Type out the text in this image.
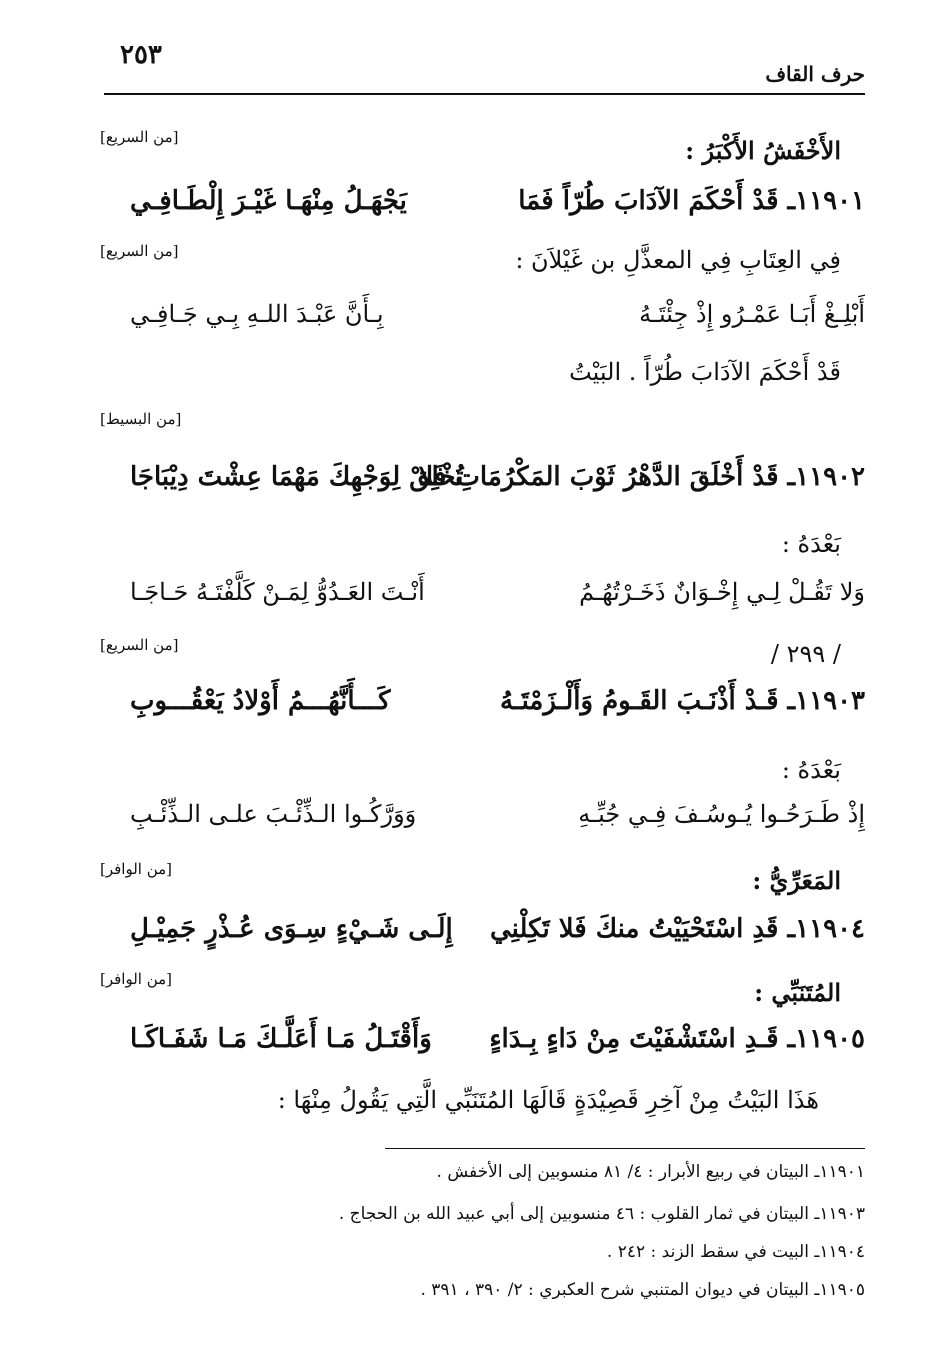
٢٥٣
حرف القاف
الأَخْفَشُ الأَكْبَرُ :
[من السريع]
١١٩٠١ـ قَدْ أَحْكَمَ الآدَابَ طُرّاً فَمَا
يَجْهَـلُ مِنْهَـا غَيْـرَ إِلْطَـافِـي
فِي العِتَابِ فِي المعذَّلِ بن غَيْلاَنَ :
[من السريع]
أَبْلِـغْ أَبَـا عَمْـرُو إِذْ جِئْتَـهُ
بِـأَنَّ عَبْـدَ اللـهِ بِـي جَـافِـي
قَدْ أَحْكَمَ الآدَابَ طُرّاً . البَيْتُ
[من البسيط]
١١٩٠٢ـ قَدْ أَخْلَقَ الدَّهْرُ ثَوْبَ المَكْرُمَاتِ فَلا
تُخْلِقْ لِوَجْهِكَ مَهْمَا عِشْتَ دِيْبَاجَا
بَعْدَهُ :
وَلا تَقُـلْ لِـي إِخْـوَانٌ ذَخَـرْتُهُـمُ
أَنْـتَ العَـدُوُّ لِمَـنْ كَلَّفْتَـهُ حَـاجَـا
/ ٢٩٩ /
[من السريع]
١١٩٠٣ـ قَـدْ أَذْنَـبَ القَـومُ وَأَلْـزَمْتَـهُ
كَـــأَنَّهُـــمُ أَوْلادُ يَعْقُـــوبِ
بَعْدَهُ :
إِذْ طَـرَحُـوا يُـوسُـفَ فِـي جُبِّـهِ
وَوَرَّكُـوا الـذِّئْـبَ علـى الـذِّئْـبِ
المَعَرِّيُّ :
[من الوافر]
١١٩٠٤ـ قَدِ اسْتَحْيَيْتُ منكَ فَلا تَكِلْنِي
إِلَـى شَـيْءٍ سِـوَى عُـذْرٍ جَمِيْـلِ
المُتَنَبِّي :
[من الوافر]
١١٩٠٥ـ قَـدِ اسْتَشْفَيْتَ مِنْ دَاءٍ بِـدَاءٍ
وَأَقْتَـلُ مَـا أَعَلَّـكَ مَـا شَفَـاكَـا
هَذَا البَيْتُ مِنْ آخِرِ قَصِيْدَةٍ قَالَهَا المُتَنَبِّي الَّتِي يَقُولُ مِنْهَا :
١١٩٠١ـ البيتان في ربيع الأبرار : ٤/ ٨١ منسوبين إلى الأخفش .
١١٩٠٣ـ البيتان في ثمار القلوب : ٤٦ منسوبين إلى أبي عبيد الله بن الحجاج .
١١٩٠٤ـ البيت في سقط الزند : ٢٤٢ .
١١٩٠٥ـ البيتان في ديوان المتنبي شرح العكبري : ٢/ ٣٩٠ ، ٣٩١ .
